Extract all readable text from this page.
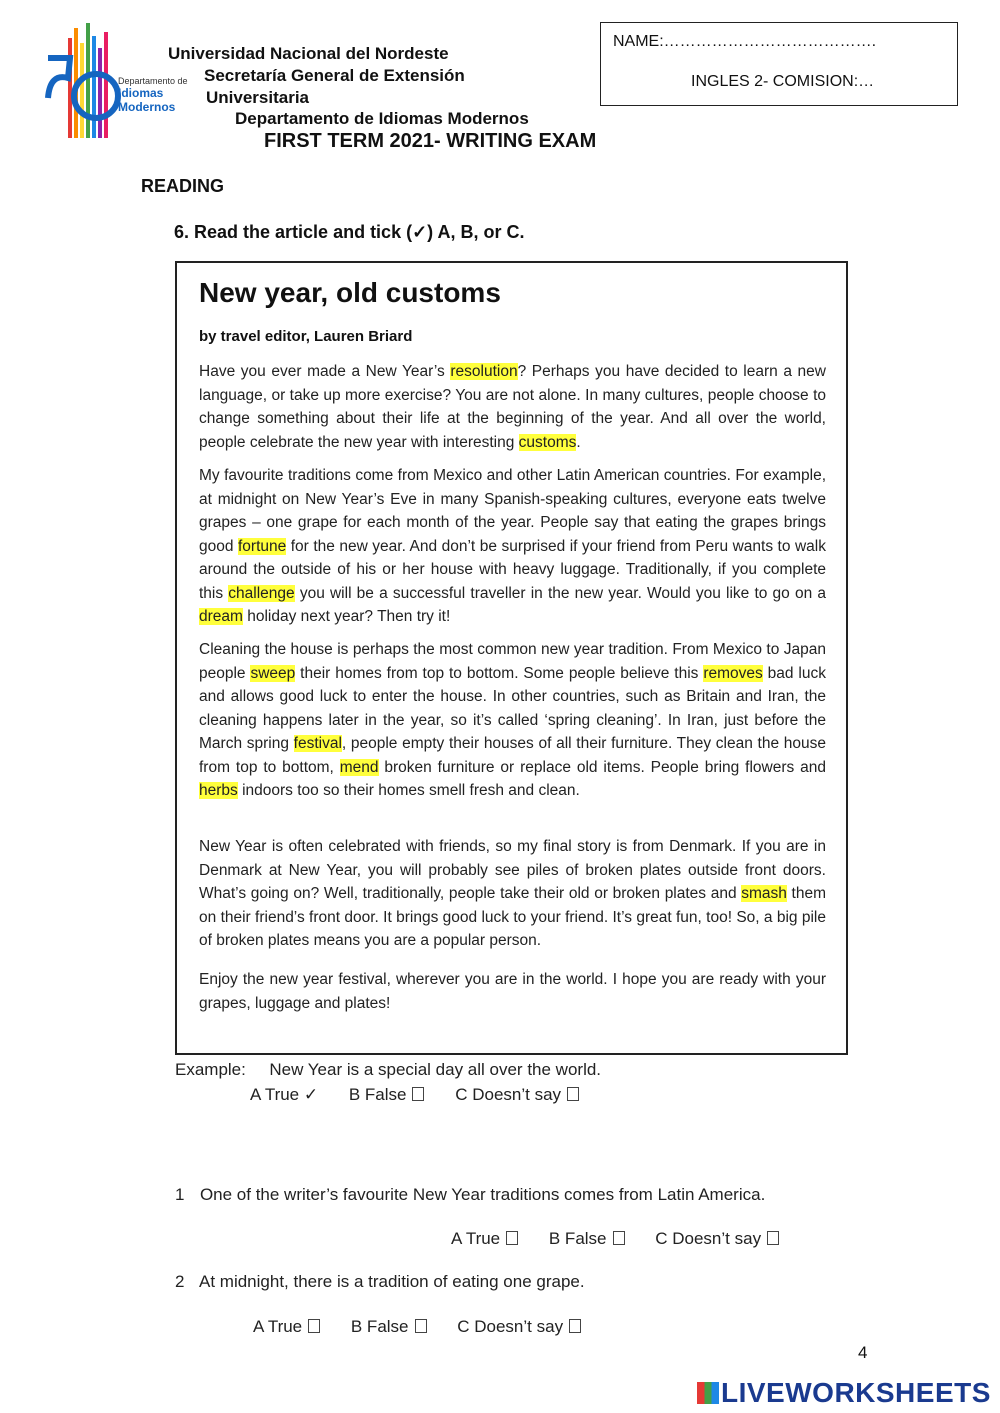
Departamento de
Idiomas
Modernos
Universidad Nacional del Nordeste
Secretaría General de Extensión
Universitaria
Departamento de Idiomas Modernos
NAME:………………………………….
INGLES 2- COMISION:…
FIRST TERM 2021- WRITING EXAM
READING
6. Read the article and tick (✓) A, B, or C.
New year, old customs
by travel editor, Lauren Briard

Have you ever made a New Year’s resolution? Perhaps you have decided to learn a new language, or take up more exercise? You are not alone. In many cultures, people choose to change something about their life at the beginning of the year. And all over the world, people celebrate the new year with interesting customs.

My favourite traditions come from Mexico and other Latin American countries. For example, at midnight on New Year’s Eve in many Spanish-speaking cultures, everyone eats twelve grapes – one grape for each month of the year. People say that eating the grapes brings good fortune for the new year. And don’t be surprised if your friend from Peru wants to walk around the outside of his or her house with heavy luggage. Traditionally, if you complete this challenge you will be a successful traveller in the new year. Would you like to go on a dream holiday next year? Then try it!

Cleaning the house is perhaps the most common new year tradition. From Mexico to Japan people sweep their homes from top to bottom. Some people believe this removes bad luck and allows good luck to enter the house. In other countries, such as Britain and Iran, the cleaning happens later in the year, so it’s called ‘spring cleaning’. In Iran, just before the March spring festival, people empty their houses of all their furniture. They clean the house from top to bottom, mend broken furniture or replace old items. People bring flowers and herbs indoors too so their homes smell fresh and clean.

New Year is often celebrated with friends, so my final story is from Denmark. If you are in Denmark at New Year, you will probably see piles of broken plates outside front doors. What’s going on? Well, traditionally, people take their old or broken plates and smash them on their friend’s front door. It brings good luck to your friend. It’s great fun, too! So, a big pile of broken plates means you are a popular person.

Enjoy the new year festival, wherever you are in the world. I hope you are ready with your grapes, luggage and plates!

Example: New Year is a special day all over the world.
A True ✓ B False	C Doesn’t say
1 One of the writer’s favourite New Year traditions comes from Latin America.
A True	B False	C Doesn’t say
2 At midnight, there is a tradition of eating one grape.
A True	B False	C Doesn’t say
4
LIVEWORKSHEETS
